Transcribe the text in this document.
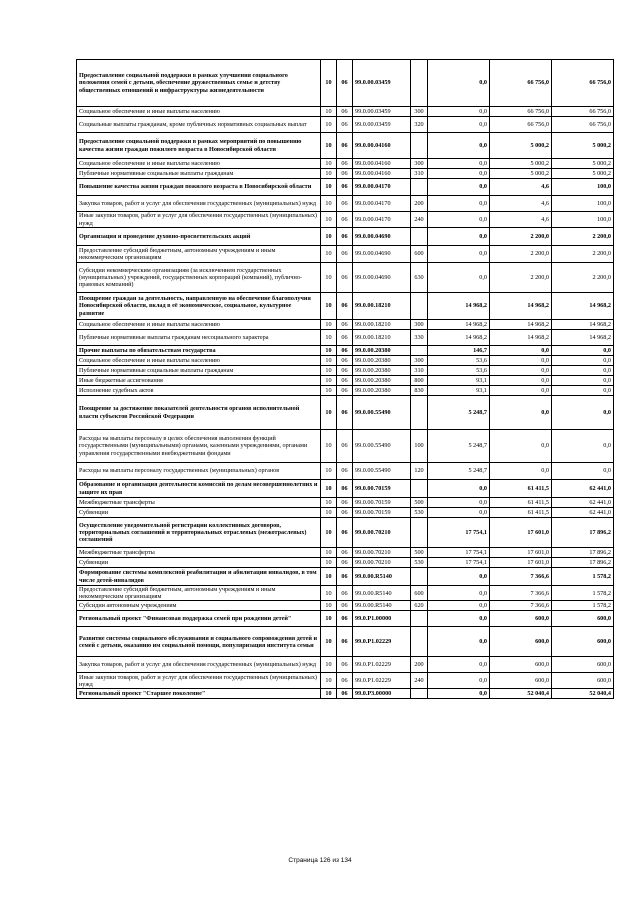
Предоставление социальной поддержки в рамках улучшения социального положения семей с детьми, обеспечение дружественных семье и детству общественных отношений и инфраструктуры жизнедеятельности	10	06	99.0.00.03459		0,0	66 756,0	66 756,0
Социальное обеспечение и иные выплаты населению	10	06	99.0.00.03459	300	0,0	66 756,0	66 756,0
Социальные выплаты гражданам, кроме публичных нормативных социальных выплат	10	06	99.0.00.03459	320	0,0	66 756,0	66 756,0
Предоставление социальной поддержки в рамках мероприятий по повышению качества жизни граждан пожилого возраста в Новосибирской области	10	06	99.0.00.04160		0,0	5 000,2	5 000,2
Социальное обеспечение и иные выплаты населению	10	06	99.0.00.04160	300	0,0	5 000,2	5 000,2
Публичные нормативные социальные выплаты гражданам	10	06	99.0.00.04160	310	0,0	5 000,2	5 000,2
Повышение качества жизни граждан пожилого возраста в Новосибирской области	10	06	99.0.00.04170		0,0	4,6	100,0
Закупка товаров, работ и услуг для обеспечения государственных (муниципальных) нужд	10	06	99.0.00.04170	200	0,0	4,6	100,0
Иные закупки товаров, работ и услуг для обеспечения государственных (муниципальных) нужд	10	06	99.0.00.04170	240	0,0	4,6	100,0
Организация и проведение духовно-просветительских акций	10	06	99.0.00.04690		0,0	2 200,0	2 200,0
Предоставление субсидий бюджетным, автономным учреждениям и иным некоммерческим организациям	10	06	99.0.00.04690	600	0,0	2 200,0	2 200,0
Субсидии некоммерческим организациям (за исключением государственных (муниципальных) учреждений, государственных корпораций (компаний), публично-правовых компаний)	10	06	99.0.00.04690	630	0,0	2 200,0	2 200,0
Поощрение граждан за деятельность, направленную на обеспечение благополучия Новосибирской области, вклад в её экономическое, социальное, культурное развитие	10	06	99.0.00.18210		14 968,2	14 968,2	14 968,2
Социальное обеспечение и иные выплаты населению	10	06	99.0.00.18210	300	14 968,2	14 968,2	14 968,2
Публичные нормативные выплаты гражданам несоциального характера	10	06	99.0.00.18210	330	14 968,2	14 968,2	14 968,2
Прочие выплаты по обязательствам государства	10	06	99.0.00.20380		146,7	0,0	0,0
Социальное обеспечение и иные выплаты населению	10	06	99.0.00.20380	300	53,6	0,0	0,0
Публичные нормативные социальные выплаты гражданам	10	06	99.0.00.20380	310	53,6	0,0	0,0
Иные бюджетные ассигнования	10	06	99.0.00.20380	800	93,1	0,0	0,0
Исполнение судебных актов	10	06	99.0.00.20380	830	93,1	0,0	0,0
Поощрение за достижение показателей деятельности органов исполнительной власти субъектов Российской Федерации	10	06	99.0.00.55490		5 248,7	0,0	0,0
Расходы на выплаты персоналу в целях обеспечения выполнения функций государственными (муниципальными) органами, казенными учреждениями, органами управления государственными внебюджетными фондами	10	06	99.0.00.55490	100	5 248,7	0,0	0,0
Расходы на выплаты персоналу государственных (муниципальных) органов	10	06	99.0.00.55490	120	5 248,7	0,0	0,0
Образование и организация деятельности комиссий по делам несовершеннолетних и защите их прав	10	06	99.0.00.70159		0,0	61 411,5	62 441,0
Межбюджетные трансферты	10	06	99.0.00.70159	500	0,0	61 411,5	62 441,0
Субвенции	10	06	99.0.00.70159	530	0,0	61 411,5	62 441,0
Осуществление уведомительной регистрации коллективных договоров, территориальных соглашений и территориальных отраслевых (межотраслевых) соглашений	10	06	99.0.00.70210		17 754,1	17 601,0	17 896,2
Межбюджетные трансферты	10	06	99.0.00.70210	500	17 754,1	17 601,0	17 896,2
Субвенции	10	06	99.0.00.70210	530	17 754,1	17 601,0	17 896,2
Формирование системы комплексной реабилитации и абилитации инвалидов, в том числе детей-инвалидов	10	06	99.0.00.R5140		0,0	7 366,6	1 578,2
Предоставление субсидий бюджетным, автономным учреждениям и иным некоммерческим организациям	10	06	99.0.00.R5140	600	0,0	7 366,6	1 578,2
Субсидии автономным учреждениям	10	06	99.0.00.R5140	620	0,0	7 366,6	1 578,2
Региональный проект "Финансовая поддержка семей при рождении детей"	10	06	99.0.P1.00000		0,0	600,0	600,0
Развитие системы социального обслуживания и социального сопровождения детей и семей с детьми, оказанию им социальной помощи, популяризация института семьи	10	06	99.0.P1.02229		0,0	600,0	600,0
Закупка товаров, работ и услуг для обеспечения государственных (муниципальных) нужд	10	06	99.0.P1.02229	200	0,0	600,0	600,0
Иные закупки товаров, работ и услуг для обеспечения государственных (муниципальных) нужд	10	06	99.0.P1.02229	240	0,0	600,0	600,0
Региональный проект "Старшее поколение"	10	06	99.0.P3.00000		0,0	52 040,4	52 040,4
Страница 126 из 134
